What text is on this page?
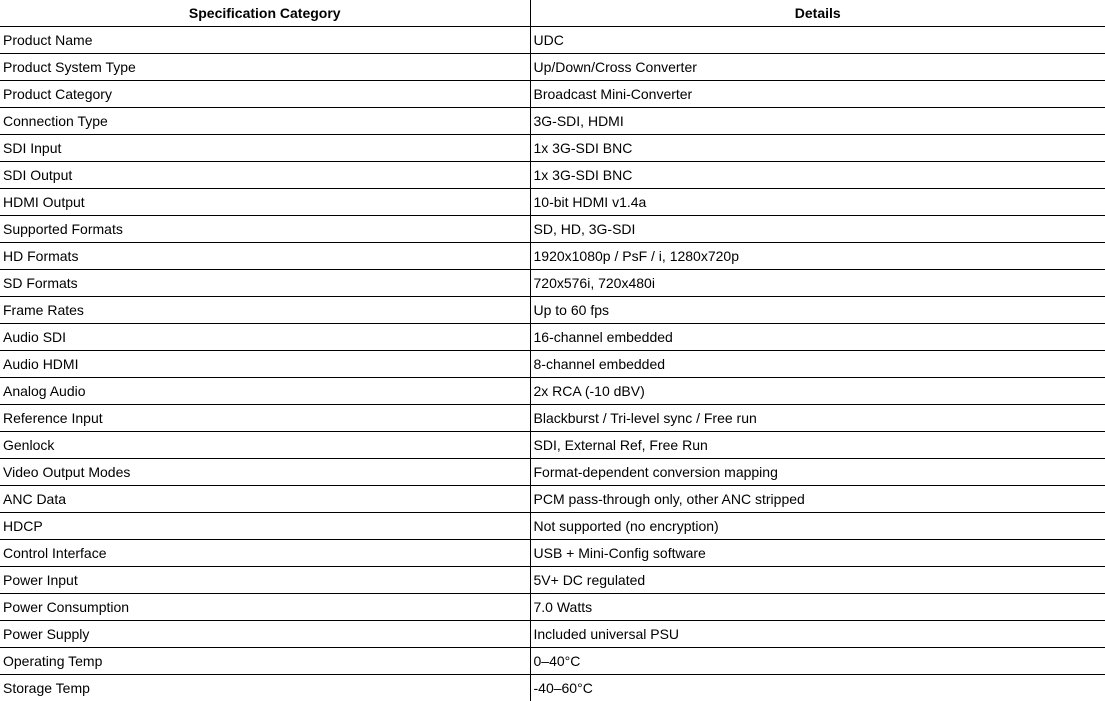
Specification Category	Details
Product Name	UDC
Product System Type	Up/Down/Cross Converter
Product Category	Broadcast Mini-Converter
Connection Type	3G-SDI, HDMI
SDI Input	1x 3G-SDI BNC
SDI Output	1x 3G-SDI BNC
HDMI Output	10-bit HDMI v1.4a
Supported Formats	SD, HD, 3G-SDI
HD Formats	1920x1080p / PsF / i, 1280x720p
SD Formats	720x576i, 720x480i
Frame Rates	Up to 60 fps
Audio SDI	16-channel embedded
Audio HDMI	8-channel embedded
Analog Audio	2x RCA (-10 dBV)
Reference Input	Blackburst / Tri-level sync / Free run
Genlock	SDI, External Ref, Free Run
Video Output Modes	Format-dependent conversion mapping
ANC Data	PCM pass-through only, other ANC stripped
HDCP	Not supported (no encryption)
Control Interface	USB + Mini-Config software
Power Input	5V+ DC regulated
Power Consumption	7.0 Watts
Power Supply	Included universal PSU
Operating Temp	0–40°C
Storage Temp	-40–60°C
